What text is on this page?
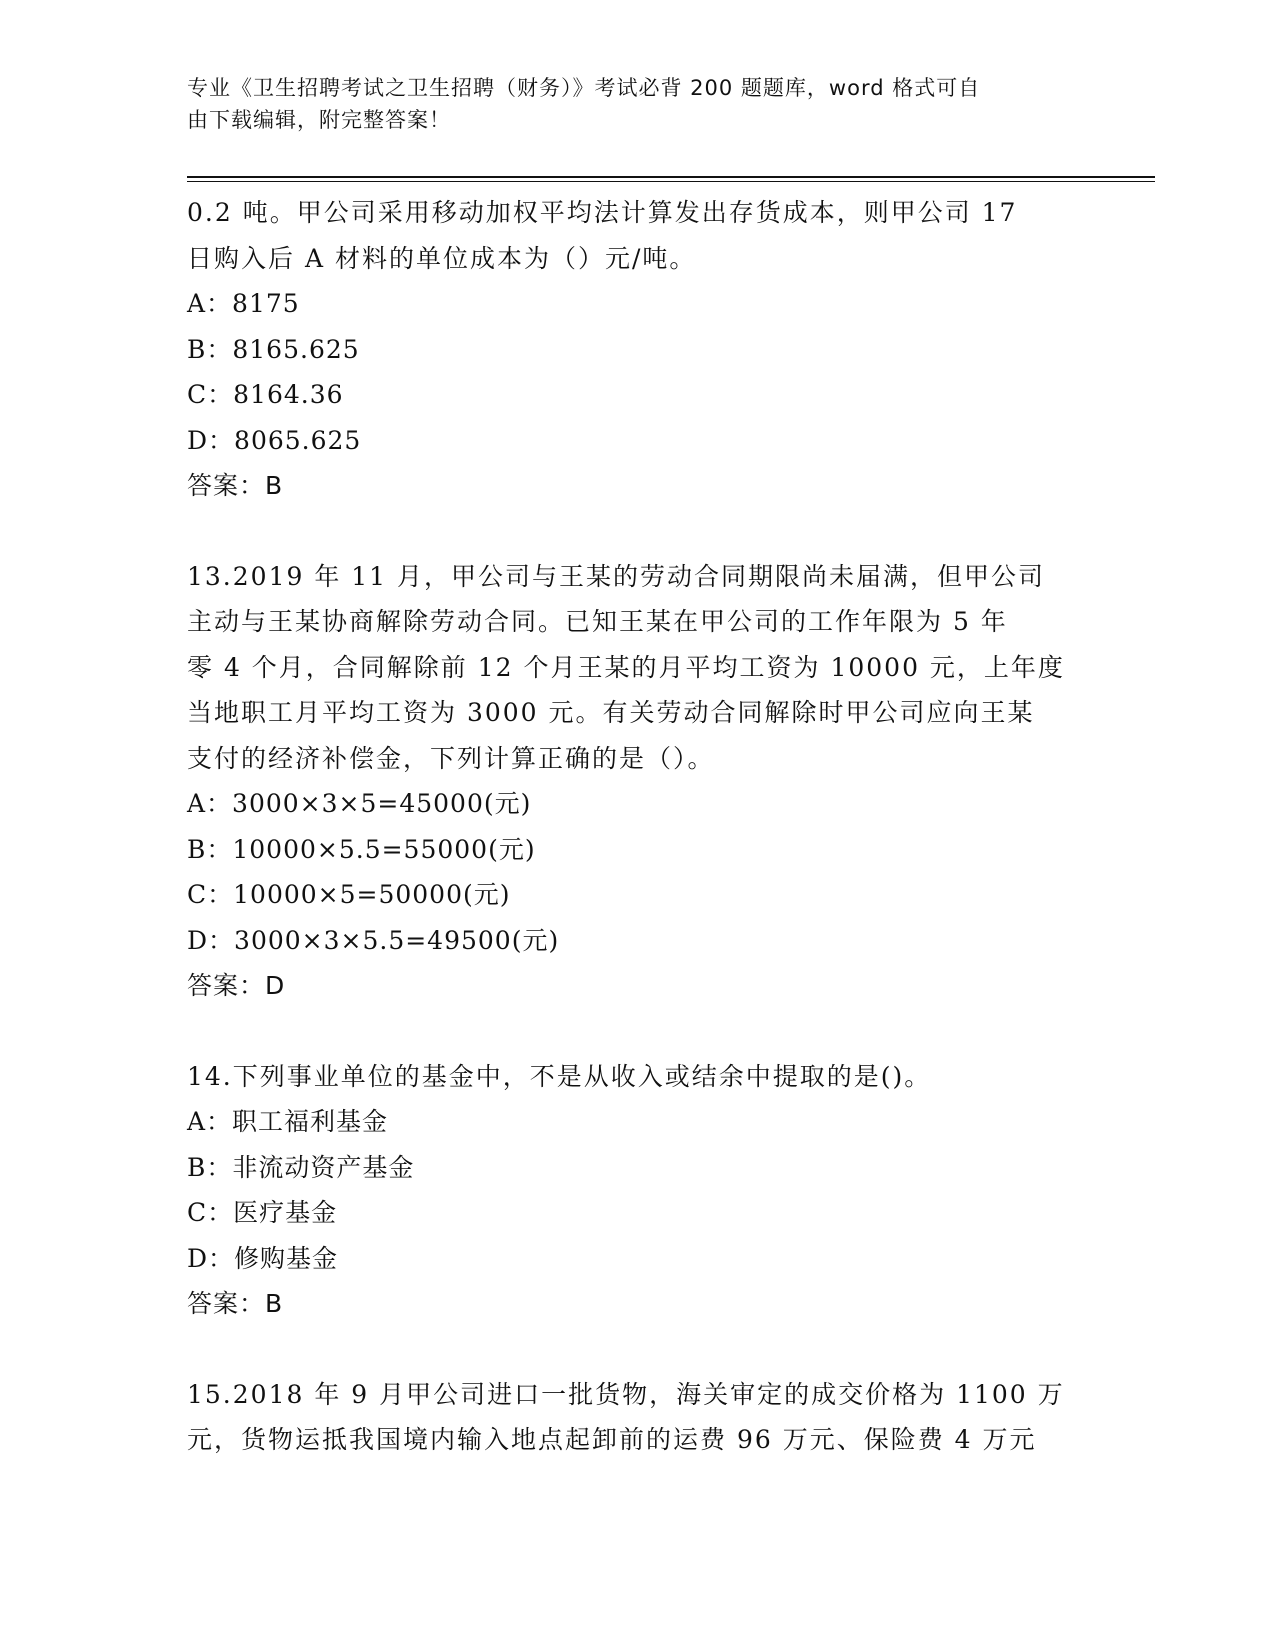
专业《卫生招聘考试之卫生招聘（财务）》考试必背 200 题题库，word 格式可自
由下载编辑，附完整答案！

0.2 吨。甲公司采用移动加权平均法计算发出存货成本，则甲公司 17

日购入后 A 材料的单位成本为（）元/吨。

A：8175

B：8165.625

C：8164.36

D：8065.625

答案：B

13.2019 年 11 月，甲公司与王某的劳动合同期限尚未届满，但甲公司

主动与王某协商解除劳动合同。已知王某在甲公司的工作年限为 5 年

零 4 个月，合同解除前 12 个月王某的月平均工资为 10000 元，上年度

当地职工月平均工资为 3000 元。有关劳动合同解除时甲公司应向王某

支付的经济补偿金，下列计算正确的是（）。

A：3000×3×5=45000(元)

B：10000×5.5=55000(元)

C：10000×5=50000(元)

D：3000×3×5.5=49500(元)

答案：D

14.下列事业单位的基金中，不是从收入或结余中提取的是()。

A：职工福利基金

B：非流动资产基金

C：医疗基金

D：修购基金

答案：B

15.2018 年 9 月甲公司进口一批货物，海关审定的成交价格为 1100 万

元，货物运抵我国境内输入地点起卸前的运费 96 万元、保险费 4 万元
